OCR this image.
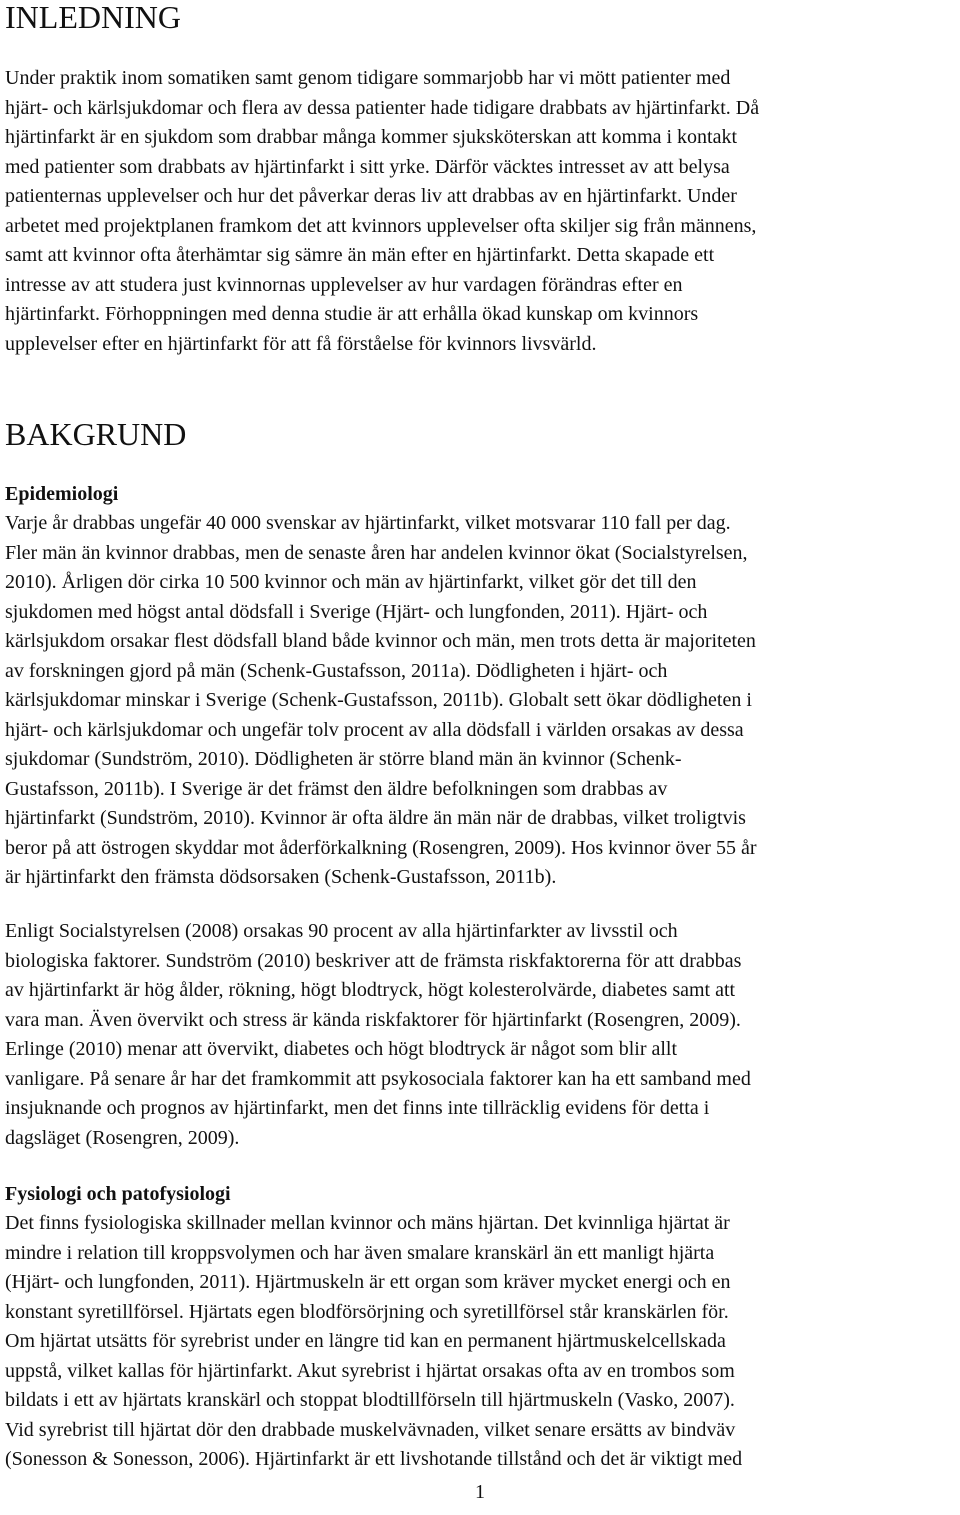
INLEDNING
Under praktik inom somatiken samt genom tidigare sommarjobb har vi mött patienter med
hjärt- och kärlsjukdomar och flera av dessa patienter hade tidigare drabbats av hjärtinfarkt. Då
hjärtinfarkt är en sjukdom som drabbar många kommer sjuksköterskan att komma i kontakt
med patienter som drabbats av hjärtinfarkt i sitt yrke. Därför väcktes intresset av att belysa
patienternas upplevelser och hur det påverkar deras liv att drabbas av en hjärtinfarkt. Under
arbetet med projektplanen framkom det att kvinnors upplevelser ofta skiljer sig från männens,
samt att kvinnor ofta återhämtar sig sämre än män efter en hjärtinfarkt. Detta skapade ett
intresse av att studera just kvinnornas upplevelser av hur vardagen förändras efter en
hjärtinfarkt. Förhoppningen med denna studie är att erhålla ökad kunskap om kvinnors
upplevelser efter en hjärtinfarkt för att få förståelse för kvinnors livsvärld.
BAKGRUND
Epidemiologi
Varje år drabbas ungefär 40 000 svenskar av hjärtinfarkt, vilket motsvarar 110 fall per dag.
Fler män än kvinnor drabbas, men de senaste åren har andelen kvinnor ökat (Socialstyrelsen,
2010). Årligen dör cirka 10 500 kvinnor och män av hjärtinfarkt, vilket gör det till den
sjukdomen med högst antal dödsfall i Sverige (Hjärt- och lungfonden, 2011). Hjärt- och
kärlsjukdom orsakar flest dödsfall bland både kvinnor och män, men trots detta är majoriteten
av forskningen gjord på män (Schenk-Gustafsson, 2011a). Dödligheten i hjärt- och
kärlsjukdomar minskar i Sverige (Schenk-Gustafsson, 2011b). Globalt sett ökar dödligheten i
hjärt- och kärlsjukdomar och ungefär tolv procent av alla dödsfall i världen orsakas av dessa
sjukdomar (Sundström, 2010). Dödligheten är större bland män än kvinnor (Schenk-
Gustafsson, 2011b). I Sverige är det främst den äldre befolkningen som drabbas av
hjärtinfarkt (Sundström, 2010). Kvinnor är ofta äldre än män när de drabbas, vilket troligtvis
beror på att östrogen skyddar mot åderförkalkning (Rosengren, 2009). Hos kvinnor över 55 år
är hjärtinfarkt den främsta dödsorsaken (Schenk-Gustafsson, 2011b).
Enligt Socialstyrelsen (2008) orsakas 90 procent av alla hjärtinfarkter av livsstil och
biologiska faktorer. Sundström (2010) beskriver att de främsta riskfaktorerna för att drabbas
av hjärtinfarkt är hög ålder, rökning, högt blodtryck, högt kolesterolvärde, diabetes samt att
vara man. Även övervikt och stress är kända riskfaktorer för hjärtinfarkt (Rosengren, 2009).
Erlinge (2010) menar att övervikt, diabetes och högt blodtryck är något som blir allt
vanligare. På senare år har det framkommit att psykosociala faktorer kan ha ett samband med
insjuknande och prognos av hjärtinfarkt, men det finns inte tillräcklig evidens för detta i
dagsläget (Rosengren, 2009).
Fysiologi och patofysiologi
Det finns fysiologiska skillnader mellan kvinnor och mäns hjärtan. Det kvinnliga hjärtat är
mindre i relation till kroppsvolymen och har även smalare kranskärl än ett manligt hjärta
(Hjärt- och lungfonden, 2011). Hjärtmuskeln är ett organ som kräver mycket energi och en
konstant syretillförsel. Hjärtats egen blodförsörjning och syretillförsel står kranskärlen för.
Om hjärtat utsätts för syrebrist under en längre tid kan en permanent hjärtmuskelcellskada
uppstå, vilket kallas för hjärtinfarkt. Akut syrebrist i hjärtat orsakas ofta av en trombos som
bildats i ett av hjärtats kranskärl och stoppat blodtillförseln till hjärtmuskeln (Vasko, 2007).
Vid syrebrist till hjärtat dör den drabbade muskelvävnaden, vilket senare ersätts av bindväv
(Sonesson & Sonesson, 2006). Hjärtinfarkt är ett livshotande tillstånd och det är viktigt med
1
